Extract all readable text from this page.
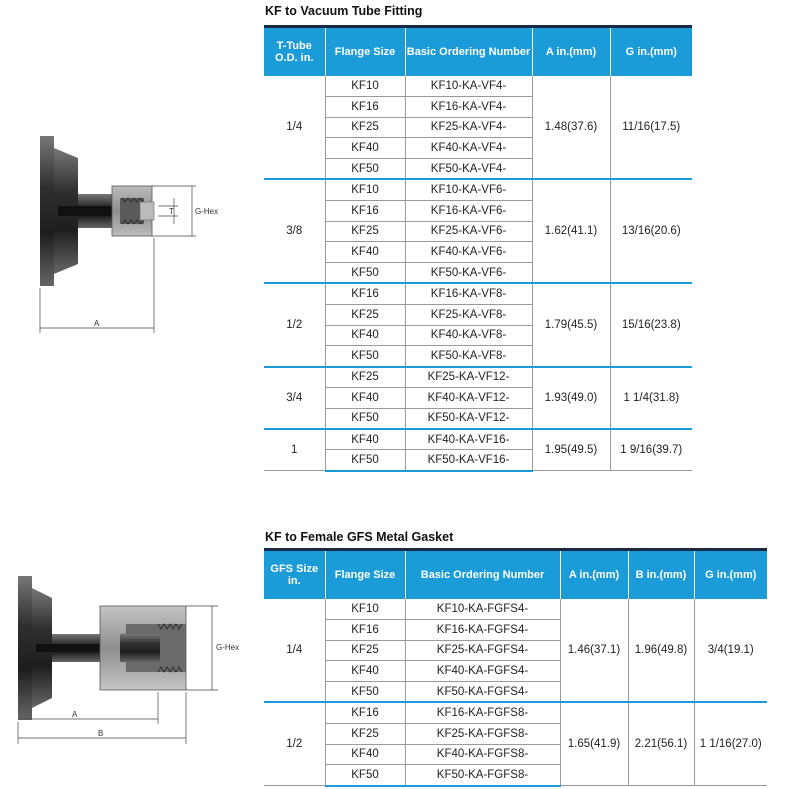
T	G-Hex
A
G-Hex
A
B
KF to Vacuum Tube Fitting
T-Tube O.D. in.	Flange Size	Basic Ordering Number	A in.(mm)	G in.(mm)
1/4	KF10	KF10-KA-VF4-	1.48(37.6)	11/16(17.5)
	KF16	KF16-KA-VF4-		
	KF25	KF25-KA-VF4-		
	KF40	KF40-KA-VF4-		
	KF50	KF50-KA-VF4-		
3/8	KF10	KF10-KA-VF6-	1.62(41.1)	13/16(20.6)
	KF16	KF16-KA-VF6-		
	KF25	KF25-KA-VF6-		
	KF40	KF40-KA-VF6-		
	KF50	KF50-KA-VF6-		
1/2	KF16	KF16-KA-VF8-	1.79(45.5)	15/16(23.8)
	KF25	KF25-KA-VF8-		
	KF40	KF40-KA-VF8-		
	KF50	KF50-KA-VF8-		
3/4	KF25	KF25-KA-VF12-	1.93(49.0)	1 1/4(31.8)
	KF40	KF40-KA-VF12-		
	KF50	KF50-KA-VF12-		
1	KF40	KF40-KA-VF16-	1.95(49.5)	1 9/16(39.7)
	KF50	KF50-KA-VF16-		
KF to Female GFS Metal Gasket
GFS Size in.	Flange Size	Basic Ordering Number	A in.(mm)	B in.(mm)	G in.(mm)
1/4	KF10	KF10-KA-FGFS4-	1.46(37.1)	1.96(49.8)	3/4(19.1)
	KF16	KF16-KA-FGFS4-			
	KF25	KF25-KA-FGFS4-			
	KF40	KF40-KA-FGFS4-			
	KF50	KF50-KA-FGFS4-			
1/2	KF16	KF16-KA-FGFS8-	1.65(41.9)	2.21(56.1)	1 1/16(27.0)
	KF25	KF25-KA-FGFS8-			
	KF40	KF40-KA-FGFS8-			
	KF50	KF50-KA-FGFS8-			
